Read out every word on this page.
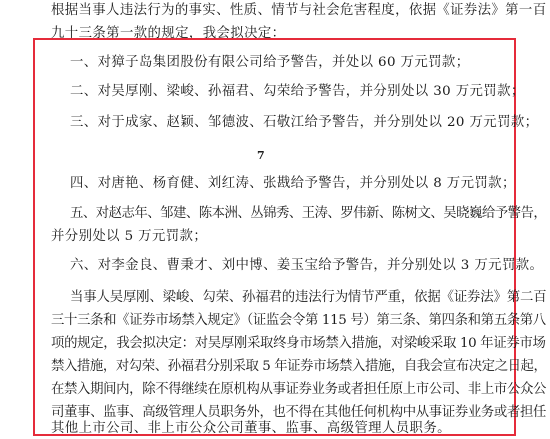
根据当事人违法行为的事实、性质、情节与社会危害程度，依据《证券法》第一百
九十三条第一款的规定，我会拟决定：
一、对獐子岛集团股份有限公司给予警告，并处以 60 万元罚款；
二、对吴厚刚、梁峻、孙福君、勾荣给予警告，并分别处以 30 万元罚款；
三、对于成家、赵颖、邹德波、石敬江给予警告，并分别处以 20 万元罚款；
7
四、对唐艳、杨育健、刘红涛、张戡给予警告，并分别处以 8 万元罚款；
五、对赵志年、邹建、陈本洲、丛锦秀、王涛、罗伟新、陈树文、吴晓巍给予警告，
并分别处以 5 万元罚款；
六、对李金良、曹秉才、刘中博、姜玉宝给予警告，并分别处以 3 万元罚款。
当事人吴厚刚、梁峻、勾荣、孙福君的违法行为情节严重，依据《证券法》第二百
三十三条和《证券市场禁入规定》（证监会令第 115 号）第三条、第四条和第五条第八
项的规定，我会拟决定：对吴厚刚采取终身市场禁入措施，对梁峻采取 10 年证券市场
禁入措施，对勾荣、孙福君分别采取 5 年证券市场禁入措施，自我会宣布决定之日起，
在禁入期间内，除不得继续在原机构从事证券业务或者担任原上市公司、非上市公众公
司董事、监事、高级管理人员职务外，也不得在其他任何机构中从事证券业务或者担任
其他上市公司、非上市公众公司董事、监事、高级管理人员职务。
